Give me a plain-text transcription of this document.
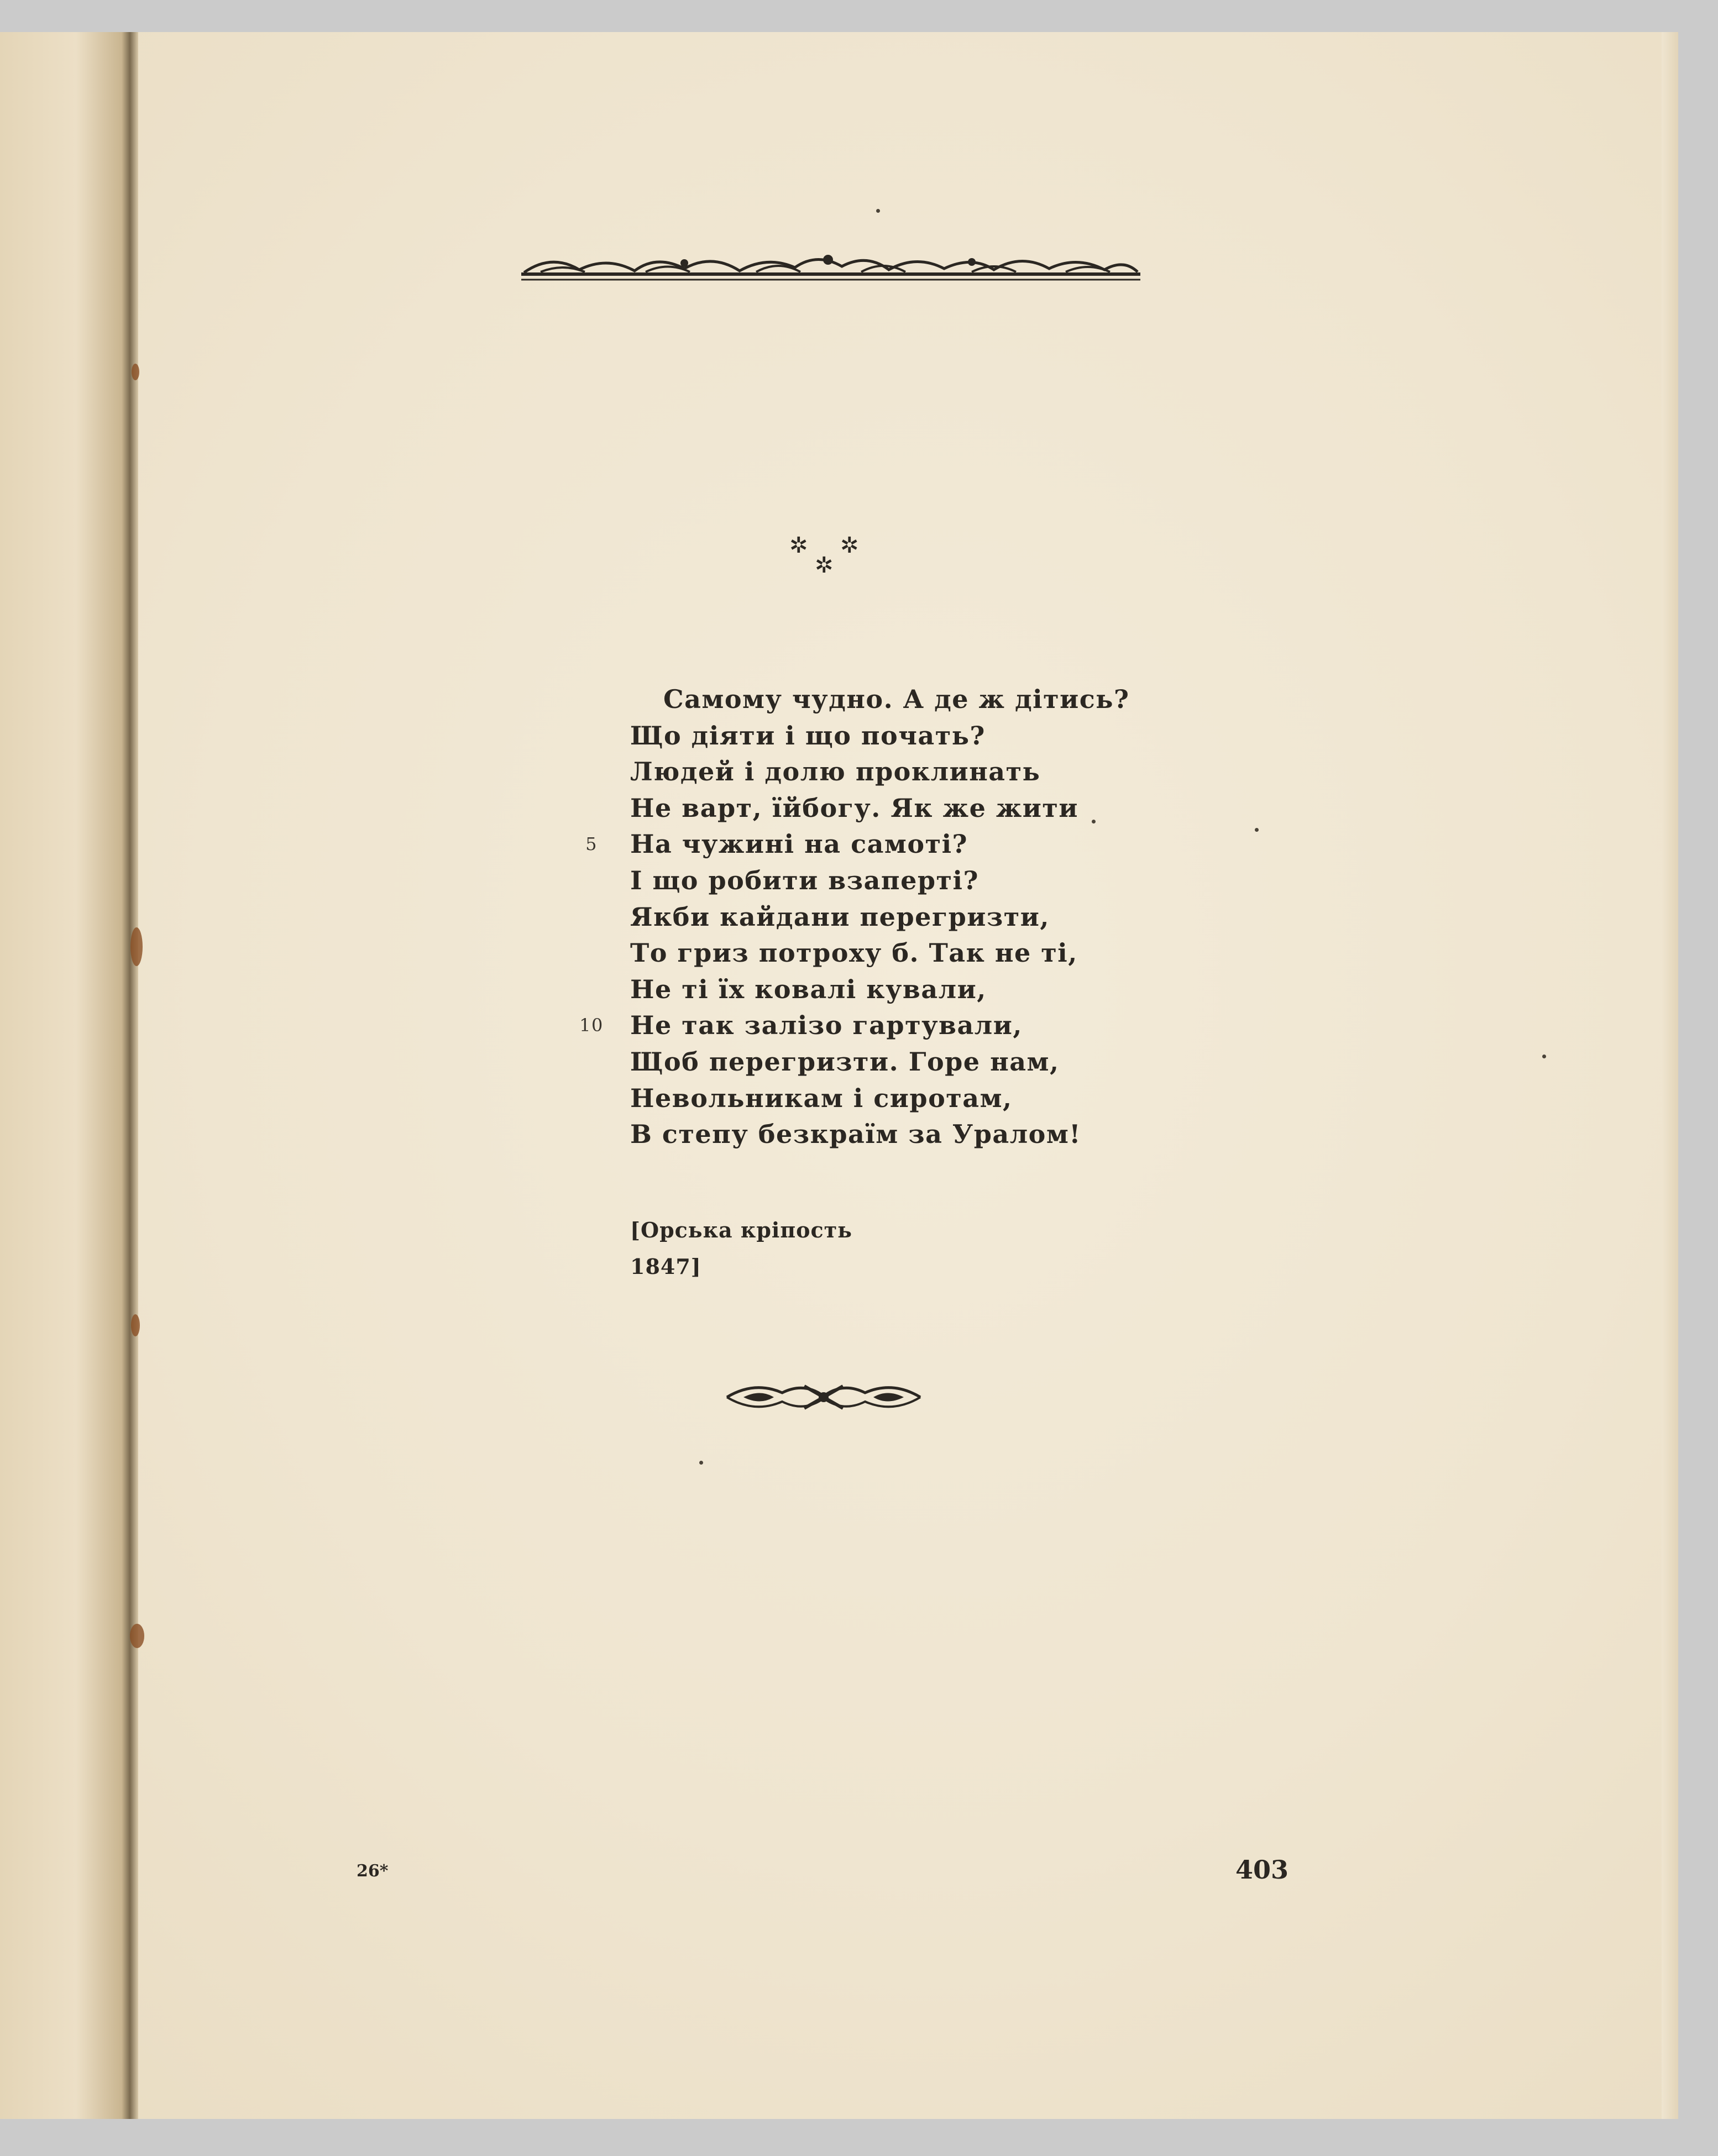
✲ ✲
✲
Самому чудно. А де ж дітись?
Що діяти і що почать?
Людей і долю проклинать
Не варт, їйбогу. Як же жити
5	На чужині на самоті?
І що робити взаперті?
Якби кайдани перегризти,
То гриз потроху б. Так не ті,
Не ті їх ковалі кували,
10 Не так залізо гартували,
Щоб перегризти. Горе нам,
Невольникам і сиротам,
В степу безкраїм за Уралом!
[Орська кріпость
1847]
26*	403
